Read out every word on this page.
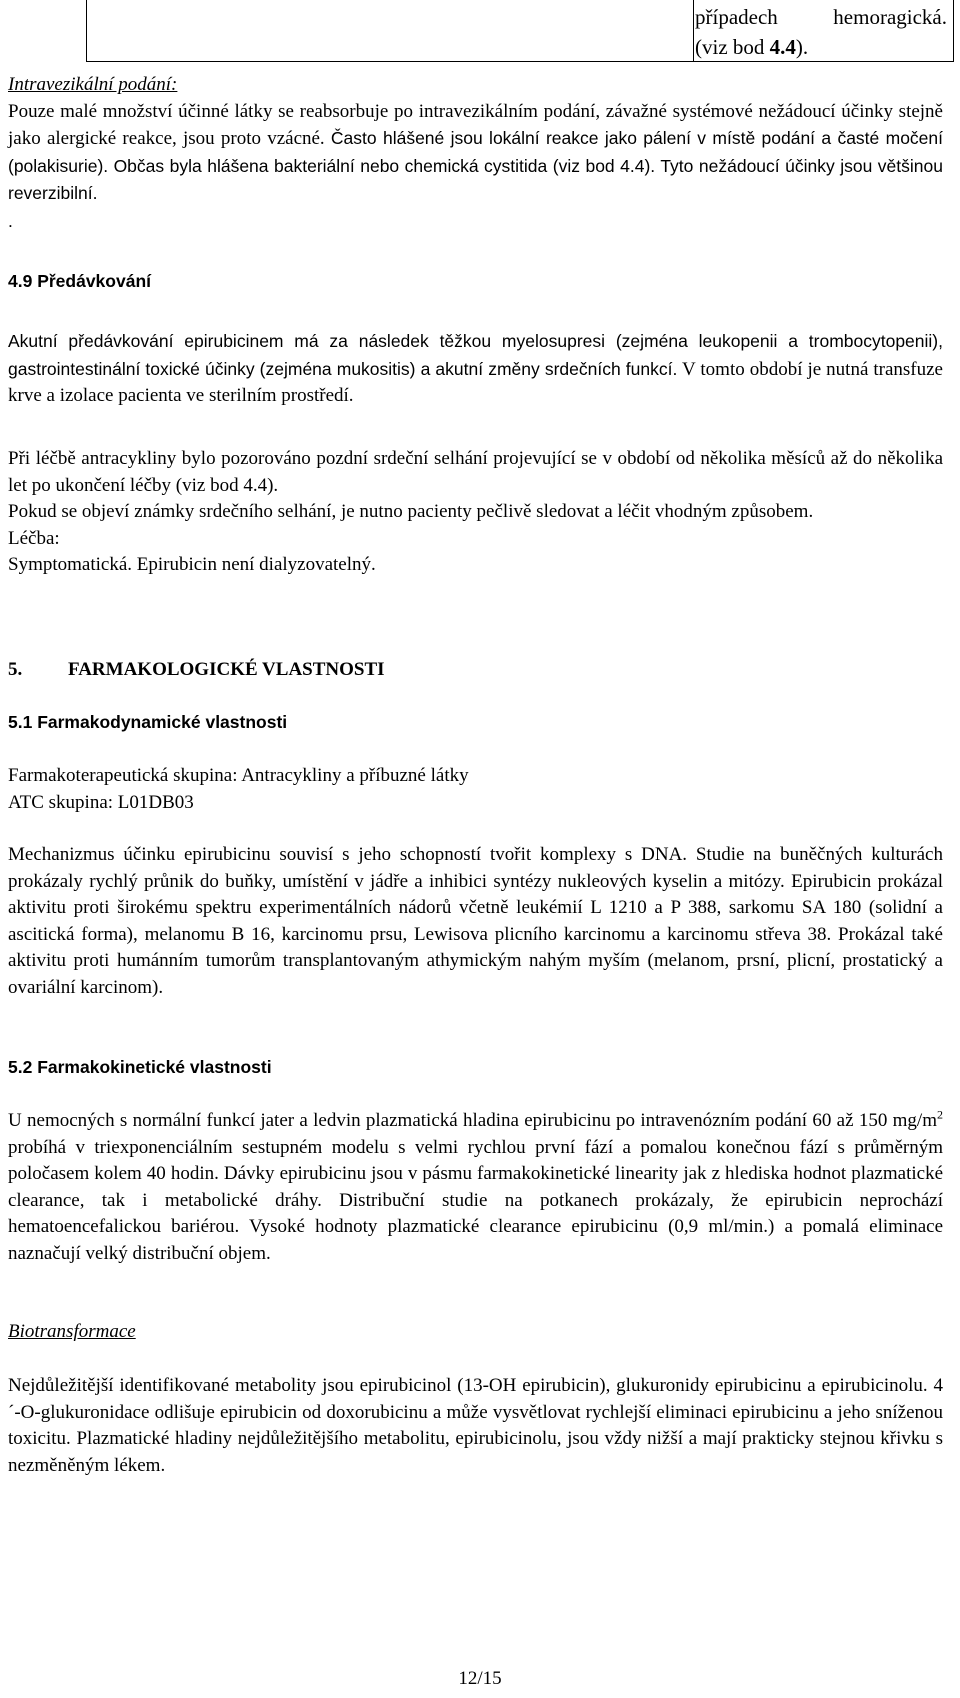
případech hemoragická.
(viz bod 4.4).

Intravezikální podání:

Pouze malé množství účinné látky se reabsorbuje po intravezikálním podání, závažné systémové nežádoucí účinky stejně jako alergické reakce, jsou proto vzácné. Často hlášené jsou lokální reakce jako pálení v místě podání a časté močení (polakisurie). Občas byla hlášena bakteriální nebo chemická cystitida (viz bod 4.4). Tyto nežádoucí účinky jsou většinou reverzibilní.

.

4.9 Předávkování

Akutní předávkování epirubicinem má za následek těžkou myelosupresi (zejména leukopenii a trombocytopenii), gastrointestinální toxické účinky (zejména mukositis) a akutní změny srdečních funkcí. V tomto období je nutná transfuze krve a izolace pacienta ve sterilním prostředí.

Při léčbě antracykliny bylo pozorováno pozdní srdeční selhání projevující se v období od několika měsíců až do několika let po ukončení léčby (viz bod 4.4).

Pokud se objeví známky srdečního selhání, je nutno pacienty pečlivě sledovat a léčit vhodným způsobem.

Léčba:

Symptomatická. Epirubicin není dialyzovatelný.

5. FARMAKOLOGICKÉ VLASTNOSTI

5.1 Farmakodynamické vlastnosti

Farmakoterapeutická skupina: Antracykliny a příbuzné látky

ATC skupina: L01DB03

Mechanizmus účinku epirubicinu souvisí s jeho schopností tvořit komplexy s DNA. Studie na buněčných kulturách prokázaly rychlý průnik do buňky, umístění v jádře a inhibici syntézy nukleových kyselin a mitózy. Epirubicin prokázal aktivitu proti širokému spektru experimentálních nádorů včetně leukémií L 1210 a P 388, sarkomu SA 180 (solidní a ascitická forma), melanomu B 16, karcinomu prsu, Lewisova plicního karcinomu a karcinomu střeva 38. Prokázal také aktivitu proti humánním tumorům transplantovaným athymickým nahým myším (melanom, prsní, plicní, prostatický a ovariální karcinom).

5.2 Farmakokinetické vlastnosti

U nemocných s normální funkcí jater a ledvin plazmatická hladina epirubicinu po intravenózním podání 60 až 150 $mg/m^2$ probíhá v triexponenciálním sestupném modelu s velmi rychlou první fází a pomalou konečnou fází s průměrným poločasem kolem 40 hodin. Dávky epirubicinu jsou v pásmu farmakokinetické linearity jak z hlediska hodnot plazmatické clearance, tak i metabolické dráhy. Distribuční studie na potkanech prokázaly, že epirubicin neprochází hematoencefalickou bariérou. Vysoké hodnoty plazmatické clearance epirubicinu (0,9 ml/min.) a pomalá eliminace naznačují velký distribuční objem.

Biotransformace

Nejdůležitější identifikované metabolity jsou epirubicinol (13-OH epirubicin), glukuronidy epirubicinu a epirubicinolu. 4´-O-glukuronidace odlišuje epirubicin od doxorubicinu a může vysvětlovat rychlejší eliminaci epirubicinu a jeho sníženou toxicitu. Plazmatické hladiny nejdůležitějšího metabolitu, epirubicinolu, jsou vždy nižší a mají prakticky stejnou křivku s nezměněným lékem.

12/15
